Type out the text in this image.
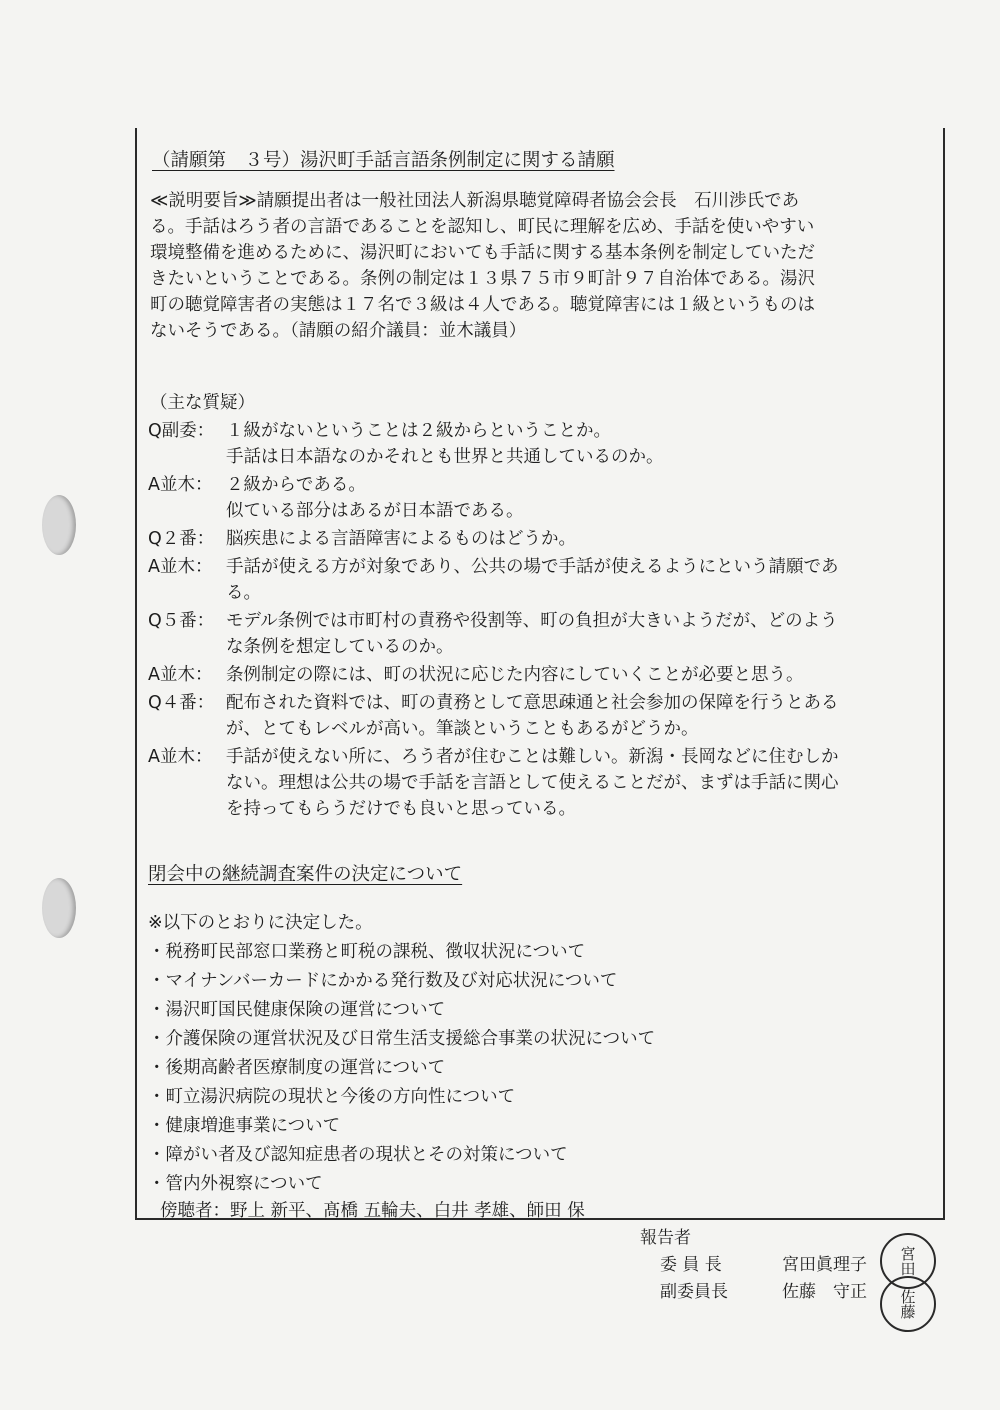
（請願第　３号）湯沢町手話言語条例制定に関する請願
≪説明要旨≫請願提出者は一般社団法人新潟県聴覚障碍者協会会長　石川渉氏であ
る。手話はろう者の言語であることを認知し、町民に理解を広め、手話を使いやすい
環境整備を進めるために、湯沢町においても手話に関する基本条例を制定していただ
きたいということである。条例の制定は１３県７５市９町計９７自治体である。湯沢
町の聴覚障害者の実態は１７名で３級は４人である。聴覚障害には１級というものは
ないそうである。（請願の紹介議員：並木議員）
（主な質疑）
Q副委： １級がないということは２級からということか。
手話は日本語なのかそれとも世界と共通しているのか。
A並木： ２級からである。
似ている部分はあるが日本語である。
Q２番： 脳疾患による言語障害によるものはどうか。
A並木： 手話が使える方が対象であり、公共の場で手話が使えるようにという請願であ
る。
Q５番： モデル条例では市町村の責務や役割等、町の負担が大きいようだが、どのよう
な条例を想定しているのか。
A並木： 条例制定の際には、町の状況に応じた内容にしていくことが必要と思う。
Q４番： 配布された資料では、町の責務として意思疎通と社会参加の保障を行うとある
が、とてもレベルが高い。筆談ということもあるがどうか。
A並木： 手話が使えない所に、ろう者が住むことは難しい。新潟・長岡などに住むしか
ない。理想は公共の場で手話を言語として使えることだが、まずは手話に関心
を持ってもらうだけでも良いと思っている。
閉会中の継続調査案件の決定について
※以下のとおりに決定した。
・税務町民部窓口業務と町税の課税、徴収状況について
・マイナンバーカードにかかる発行数及び対応状況について
・湯沢町国民健康保険の運営について
・介護保険の運営状況及び日常生活支援総合事業の状況について
・後期高齢者医療制度の運営について
・町立湯沢病院の現状と今後の方向性について
・健康増進事業について
・障がい者及び認知症患者の現状とその対策について
・管内外視察について
傍聴者：野上 新平、髙橋 五輪夫、白井 孝雄、師田 保
報告者
委 員 長	宮田眞理子
副委員長	佐藤　守正
宮田
佐藤
